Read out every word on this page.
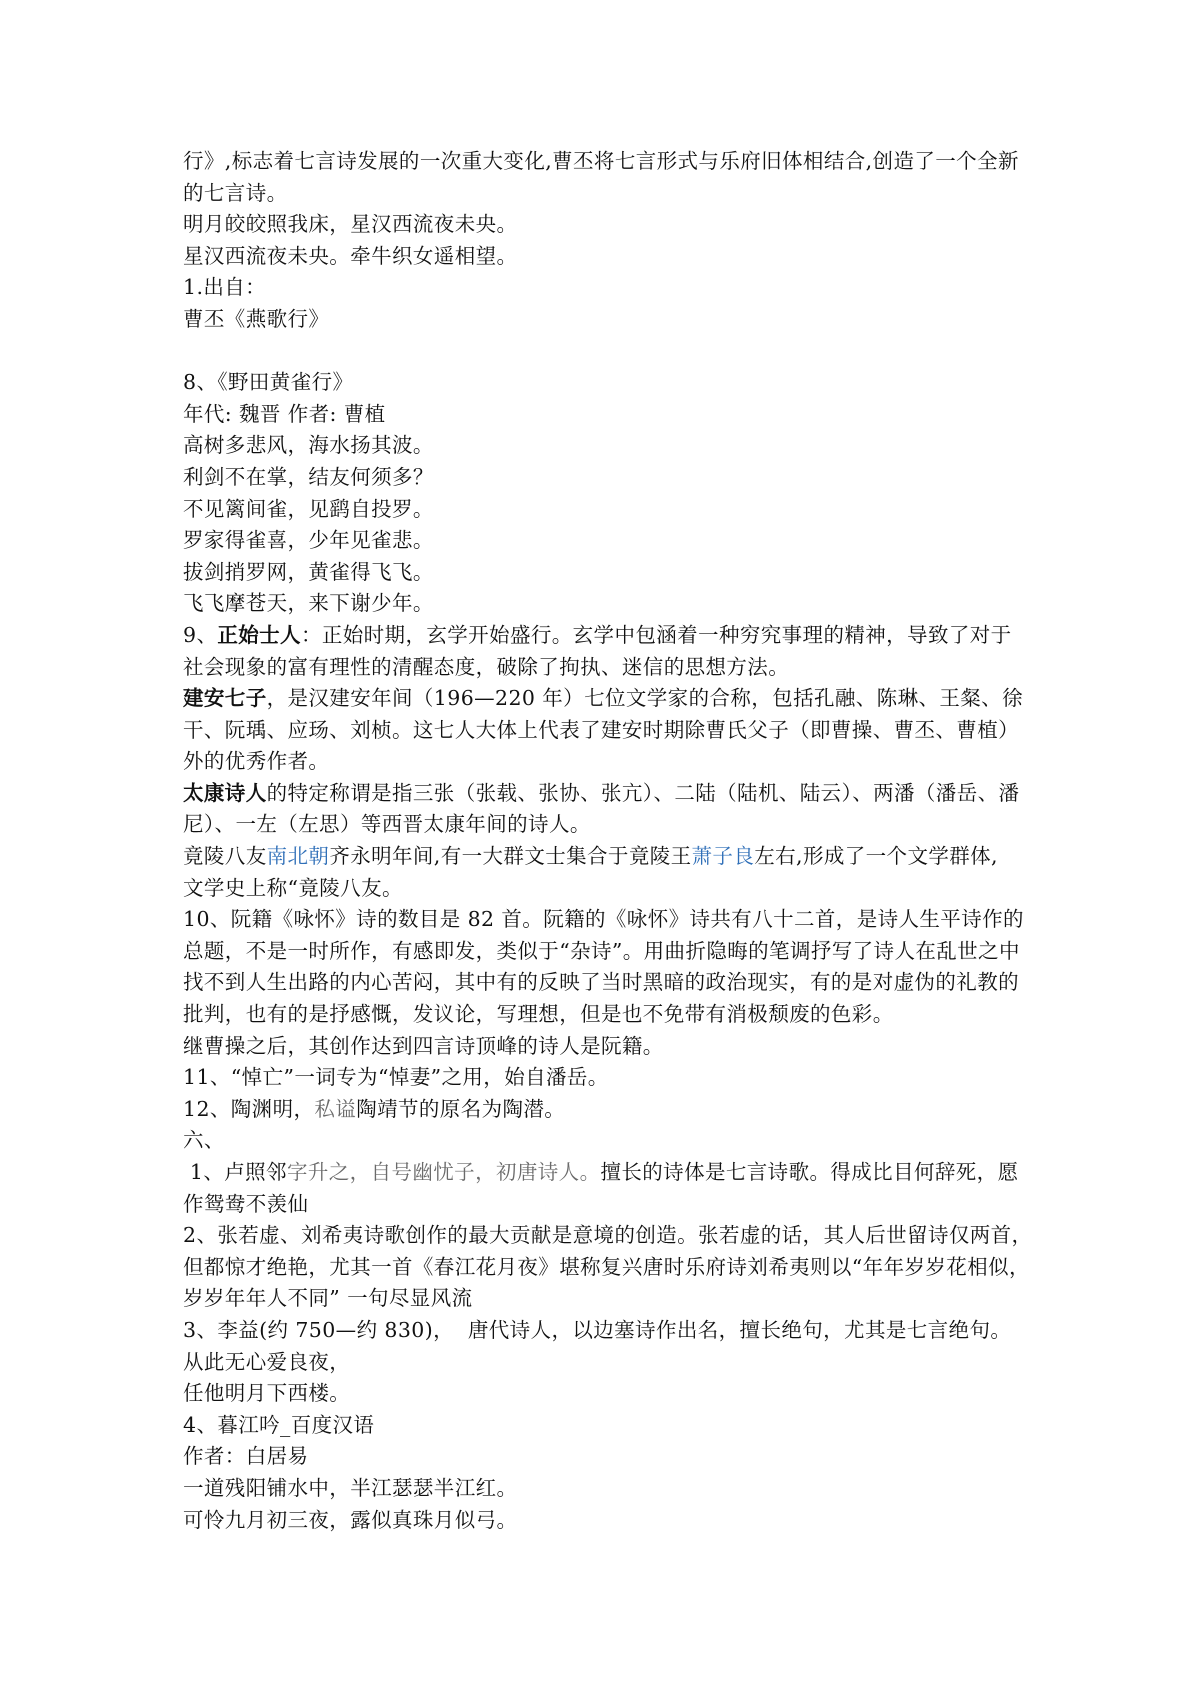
行》,标志着七言诗发展的一次重大变化,曹丕将七言形式与乐府旧体相结合,创造了一个全新
的七言诗。
明月皎皎照我床，星汉西流夜未央。
星汉西流夜未央。牵牛织女遥相望。
1.出自：
曹丕《燕歌行》
8、《野田黄雀行》
年代: 魏晋 作者: 曹植
高树多悲风，海水扬其波。
利剑不在掌，结友何须多？
不见篱间雀，见鹞自投罗。
罗家得雀喜，少年见雀悲。
拔剑捎罗网，黄雀得飞飞。
飞飞摩苍天，来下谢少年。
9、正始士人：正始时期，玄学开始盛行。玄学中包涵着一种穷究事理的精神，导致了对于
社会现象的富有理性的清醒态度，破除了拘执、迷信的思想方法。
建安七子，是汉建安年间（196—220 年）七位文学家的合称，包括孔融、陈琳、王粲、徐
干、阮瑀、应玚、刘桢。这七人大体上代表了建安时期除曹氏父子（即曹操、曹丕、曹植）
外的优秀作者。
太康诗人的特定称谓是指三张（张载、张协、张亢）、二陆（陆机、陆云）、两潘（潘岳、潘
尼）、一左（左思）等西晋太康年间的诗人。
竟陵八友南北朝齐永明年间,有一大群文士集合于竟陵王萧子良左右,形成了一个文学群体,
文学史上称“竟陵八友。
10、阮籍《咏怀》诗的数目是 82 首。阮籍的《咏怀》诗共有八十二首，是诗人生平诗作的
总题，不是一时所作，有感即发，类似于“杂诗”。用曲折隐晦的笔调抒写了诗人在乱世之中
找不到人生出路的内心苦闷，其中有的反映了当时黑暗的政治现实，有的是对虚伪的礼教的
批判，也有的是抒感慨，发议论，写理想，但是也不免带有消极颓废的色彩。
继曹操之后，其创作达到四言诗顶峰的诗人是阮籍。
11、“悼亡”一词专为“悼妻”之用，始自潘岳。
12、陶渊明，私谥陶靖节的原名为陶潜。
六、
1、卢照邻字升之，自号幽忧子，初唐诗人。擅长的诗体是七言诗歌。得成比目何辞死，愿
作鸳鸯不羡仙
2、张若虚、刘希夷诗歌创作的最大贡献是意境的创造。张若虚的话，其人后世留诗仅两首，
但都惊才绝艳，尤其一首《春江花月夜》堪称复兴唐时乐府诗刘希夷则以“年年岁岁花相似，
岁岁年年人不同” 一句尽显风流
3、李益(约 750—约 830)，  唐代诗人，以边塞诗作出名，擅长绝句，尤其是七言绝句。
从此无心爱良夜，
任他明月下西楼。
4、暮江吟_百度汉语
作者：白居易
一道残阳铺水中，半江瑟瑟半江红。
可怜九月初三夜，露似真珠月似弓。
